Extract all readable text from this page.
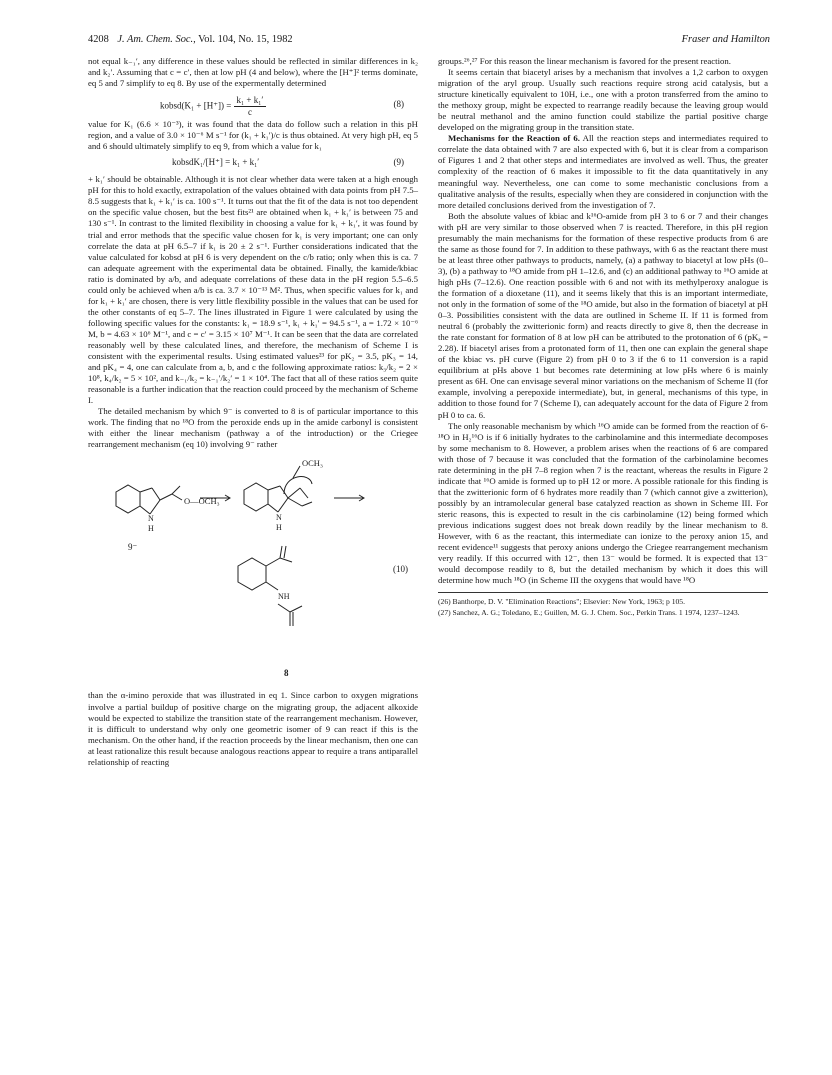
4208 J. Am. Chem. Soc., Vol. 104, No. 15, 1982	Fraser and Hamilton

not equal k₋₁′, any difference in these values should be reflected in similar differences in k₂ and k₂′. Assuming that c = c′, then at low pH (4 and below), where the [H⁺]² terms dominate, eq 5 and 7 simplify to eq 8. By use of the expermentally determined

kobsd(K₁ + $[H^+]) = \frac{\text{k₁ + k₁′}}{c}$	(8)

value for K₁ (6.6 × 10⁻³), it was found that the data do follow such a relation in this pH region, and a value of 3.0 × 10⁻⁶ M s⁻¹ for (k₁ + k₁′)/c is thus obtained. At very high pH, eq 5 and 6 should ultimately simplify to eq 9, from which a value for k₁

kobsdK₁/[H⁺] = k₁ + k₁′	(9)

+ k₁′ should be obtainable. Although it is not clear whether data were taken at a high enough pH for this to hold exactly, extrapolation of the values obtained with data points from pH 7.5–8.5 suggests that k₁ + k₁′ is ca. 100 s⁻¹. It turns out that the fit of the data is not too dependent on the specific value chosen, but the best fits²¹ are obtained when k₁ + k₁′ is between 75 and 130 s⁻¹. In contrast to the limited flexibility in choosing a value for k₁ + k₁′, it was found by trial and error methods that the specific value chosen for k₁ is very important; one can only correlate the data at pH 6.5–7 if k₁ is 20 ± 2 s⁻¹. Further considerations indicated that the value calculated for kobsd at pH 6 is very dependent on the c/b ratio; only when this is ca. 7 can adequate agreement with the experimental data be obtained. Finally, the kamide/kbiac ratio is dominated by a/b, and adequate correlations of these data in the pH region 5.5–6.5 could only be achieved when a/b is ca. 3.7 × 10⁻¹³ M². Thus, when specific values for k₁ and for k₁ + k₁′ are chosen, there is very little flexibility possible in the values that can be used for the other constants of eq 5–7. The lines illustrated in Figure 1 were calculated by using the following specific values for the constants: k₁ = 18.9 s⁻¹, k₁ + k₁′ = 94.5 s⁻¹, a = 1.72 × 10⁻⁶ M, b = 4.63 × 10⁶ M⁻¹, and c = c′ = 3.15 × 10⁷ M⁻¹. It can be seen that the data are correlated reasonably well by these calculated lines, and therefore, the mechanism of Scheme I is consistent with the experimental results. Using estimated values²³ for pK₂ = 3.5, pK₃ = 14, and pK₄ = 4, one can calculate from a, b, and c the following approximate ratios: k₃/k₂ = 2 × 10⁸, k₄/k₂ = 5 × 10², and k₋₁/k₂ = k₋₁′/k₂′ = 1 × 10⁴. The fact that all of these ratios seem quite reasonable is a further indication that the reaction could proceed by the mechanism of Scheme I.

The detailed mechanism by which 9⁻ is converted to 8 is of particular importance to this work. The finding that no ¹⁸O from the peroxide ends up in the amide carbonyl is consistent with either the linear mechanism (pathway a of the introduction) or the Criegee rearrangement mechanism (eq 10) involving 9⁻ rather

O—OCH₃
N
H
OCH₃
N
H
NH
9⁻
8
(10)

than the α-imino peroxide that was illustrated in eq 1. Since carbon to oxygen migrations involve a partial buildup of positive charge on the migrating group, the adjacent alkoxide would be expected to stabilize the transition state of the rearrangement mechanism. However, it is difficult to understand why only one geometric isomer of 9 can react if this is the mechanism. On the other hand, if the reaction proceeds by the linear mechanism, then one can at least rationalize this result because analogous reactions appear to require a trans antiparallel relationship of reacting

groups.²⁶,²⁷ For this reason the linear mechanism is favored for the present reaction.

It seems certain that biacetyl arises by a mechanism that involves a 1,2 carbon to oxygen migration of the aryl group. Usually such reactions require strong acid catalysis, but a structure kinetically equivalent to 10H, i.e., one with a proton transferred from the amino to the methoxy group, might be expected to rearrange readily because the leaving group would be neutral methanol and the amino function could stabilize the partial positive charge developed on the migrating group in the transition state.

Mechanisms for the Reaction of 6. All the reaction steps and intermediates required to correlate the data obtained with 7 are also expected with 6, but it is clear from a comparison of Figures 1 and 2 that other steps and intermediates are involved as well. Thus, the greater complexity of the reaction of 6 makes it impossible to fit the data quantitatively in any meaningful way. Nevertheless, one can come to some mechanistic conclusions from a qualitative analysis of the results, especially when they are considered in conjunction with the more detailed conclusions derived from the investigation of 7.

Both the absolute values of kbiac and k¹⁶O-amide from pH 3 to 6 or 7 and their changes with pH are very similar to those observed when 7 is reacted. Therefore, in this pH region presumably the main mechanisms for the formation of these respective products from 6 are the same as those found for 7. In addition to these pathways, with 6 as the reactant there must be at least three other pathways to products, namely, (a) a pathway to biacetyl at low pHs (0–3), (b) a pathway to ¹⁸O amide from pH 1–12.6, and (c) an additional pathway to ¹⁶O amide at high pHs (7–12.6). One reaction possible with 6 and not with its methylperoxy analogue is the formation of a dioxetane (11), and it seems likely that this is an important intermediate, not only in the formation of some of the ¹⁸O amide, but also in the formation of biacetyl at pH 0–3. Possibilities consistent with the data are outlined in Scheme II. If 11 is formed from neutral 6 (probably the zwitterionic form) and reacts directly to give 8, then the decrease in the rate constant for formation of 8 at low pH can be attributed to the protonation of 6 (pKₐ = 2.28). If biacetyl arises from a protonated form of 11, then one can explain the general shape of the kbiac vs. pH curve (Figure 2) from pH 0 to 3 if the 6 to 11 conversion is a rapid equilibrium at pHs above 1 but becomes rate determining at low pHs where 6 is mainly present as 6H. One can envisage several minor variations on the mechanism of Scheme II (for example, involving a perepoxide intermediate), but, in general, mechanisms of this type, in addition to those found for 7 (Scheme I), can adequately account for the data of Figure 2 from pH 0 to ca. 6.

The only reasonable mechanism by which ¹⁶O amide can be formed from the reaction of 6-¹⁸O in H₂¹⁶O is if 6 initially hydrates to the carbinolamine and this intermediate decomposes by some mechanism to 8. However, a problem arises when the reactions of 6 are compared with those of 7 because it was concluded that the formation of the carbinolamine becomes rate determining in the pH 7–8 region when 7 is the reactant, whereas the results in Figure 2 indicate that ¹⁶O amide is formed up to pH 12 or more. A possible rationale for this finding is that the zwitterionic form of 6 hydrates more readily than 7 (which cannot give a zwitterion), possibly by an intramolecular general base catalyzed reaction as shown in Scheme III. For steric reasons, this is expected to result in the cis carbinolamine (12) being formed which previous indications suggest does not break down readily by the linear mechanism to 8. However, with 6 as the reactant, this intermediate can ionize to the peroxy anion 15, and recent evidence¹¹ suggests that peroxy anions undergo the Criegee rearrangement mechanism very readily. If this occurred with 12⁻, then 13⁻ would be formed. It is expected that 13⁻ would decompose readily to 8, but the detailed mechanism by which it does this will determine how much ¹⁸O (in Scheme III the oxygens that would have ¹⁸O

(26) Banthorpe, D. V. "Elimination Reactions"; Elsevier: New York, 1963; p 105.

(27) Sanchez, A. G.; Toledano, E.; Guillen, M. G. J. Chem. Soc., Perkin Trans. 1 1974, 1237–1243.
